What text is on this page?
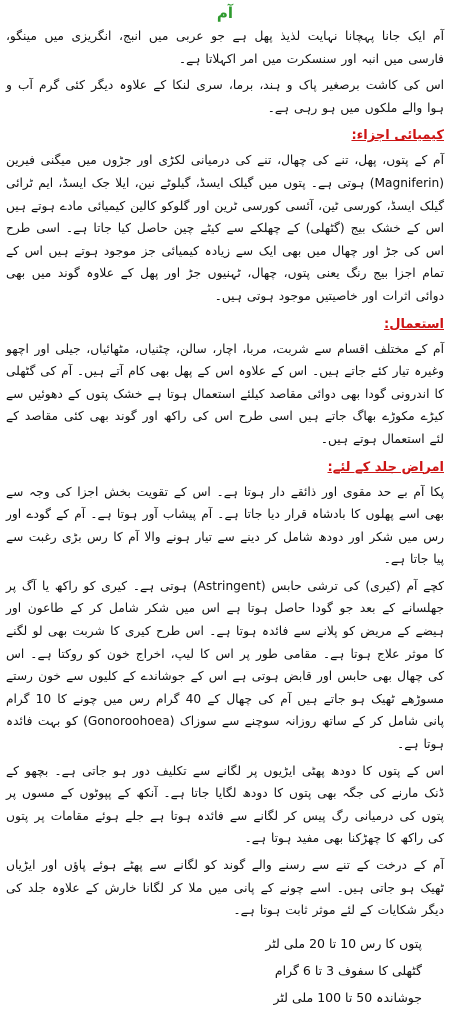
آم

آم ایک جانا پہچانا نہایت لذیذ پھل ہے جو عربی میں انبج، انگریزی میں مینگو، فارسی میں انبہ اور سنسکرت میں امر اکہلاتا ہے۔

اس کی کاشت برصغیر پاک و ہند، برما، سری لنکا کے علاوہ دیگر کئی گرم آب و ہوا والے ملکوں میں ہو رہی ہے۔

کیمیائی اجزاء:

آم کے پتوں، پھل، تنے کی چھال، تنے کی درمیانی لکڑی اور جڑوں میں میگنی فیرین (Magniferin) ہوتی ہے۔ پتوں میں گیلک ایسڈ، گیلوٹے نین، ایلا جک ایسڈ، ایم ٹرائی گیلک ایسڈ، کورسی ٹین، آئسی کورسی ٹرین اور گلوکو کالین کیمیائی مادے ہوتے ہیں اس کے خشک بیج (گٹھلی) کے چھلکے سے کیٹے چین حاصل کیا جاتا ہے۔ اسی طرح اس کی جڑ اور چھال میں بھی ایک سے زیادہ کیمیائی جز موجود ہوتے ہیں اس کے تمام اجزا بیج رنگ یعنی پتوں، چھال، ٹہنیوں جڑ اور پھل کے علاوہ گوند میں بھی دوائی اثرات اور خاصیتیں موجود ہوتی ہیں۔

استعمال:

آم کے مختلف اقسام سے شربت، مربا، اچار، سالن، چٹنیاں، مٹھائیاں، جیلی اور اچھو وغیرہ تیار کئے جاتے ہیں۔ اس کے علاوہ اس کے پھل بھی کام آتے ہیں۔ آم کی گٹھلی کا اندرونی گودا بھی دوائی مقاصد کیلئے استعمال ہوتا ہے خشک پتوں کے دھوئیں سے کیڑے مکوڑے بھاگ جاتے ہیں اسی طرح اس کی راکھ اور گوند بھی کئی مقاصد کے لئے استعمال ہوتے ہیں۔

امراض جلد کے لئے:

پکا آم بے حد مقوی اور ذائقے دار ہوتا ہے۔ اس کے تقویت بخش اجزا کی وجہ سے بھی اسے پھلوں کا بادشاہ قرار دیا جاتا ہے۔ آم پیشاب آور ہوتا ہے۔ آم کے گودے اور رس میں شکر اور دودھ شامل کر دینے سے تیار ہونے والا آم کا رس بڑی رغبت سے پیا جاتا ہے۔

کچے آم (کیری) کی ترشی حابس (Astringent) ہوتی ہے۔ کیری کو راکھ یا آگ پر جھلسانے کے بعد جو گودا حاصل ہوتا ہے اس میں شکر شامل کر کے طاعون اور ہیضے کے مریض کو پلانے سے فائدہ ہوتا ہے۔ اس طرح کیری کا شربت بھی لو لگنے کا موثر علاج ہوتا ہے۔ مقامی طور پر اس کا لیپ، اخراج خون کو روکتا ہے۔ اس کی چھال بھی حابس اور قابض ہوتی ہے اس کے جوشاندے کے کلیوں سے خون رستے مسوڑھے ٹھیک ہو جاتے ہیں آم کی چھال کے 40 گرام رس میں چونے کا 10 گرام پانی شامل کر کے ساتھ روزانہ سوچنے سے سوزاک (Gonoroohoea) کو بہت فائدہ ہوتا ہے۔

اس کے پتوں کا دودھ پھٹی ایڑیوں پر لگانے سے تکلیف دور ہو جاتی ہے۔ بچھو کے ڈنک مارنے کی جگہ بھی پتوں کا دودھ لگایا جاتا ہے۔ آنکھ کے پپوٹوں کے مسوں پر پتوں کی درمیانی رگ پیس کر لگانے سے فائدہ ہوتا ہے جلے ہوئے مقامات پر پتوں کی راکھ کا چھڑکنا بھی مفید ہوتا ہے۔

آم کے درخت کے تنے سے رسنے والے گوند کو لگانے سے پھٹے ہوئے پاؤں اور ایڑیاں ٹھیک ہو جاتی ہیں۔ اسے چونے کے پانی میں ملا کر لگانا خارش کے علاوہ جلد کی دیگر شکایات کے لئے موثر ثابت ہوتا ہے۔

پتوں کا رس 10 تا 20 ملی لٹر
گٹھلی کا سفوف 3 تا 6 گرام
جوشاندہ 50 تا 100 ملی لٹر
